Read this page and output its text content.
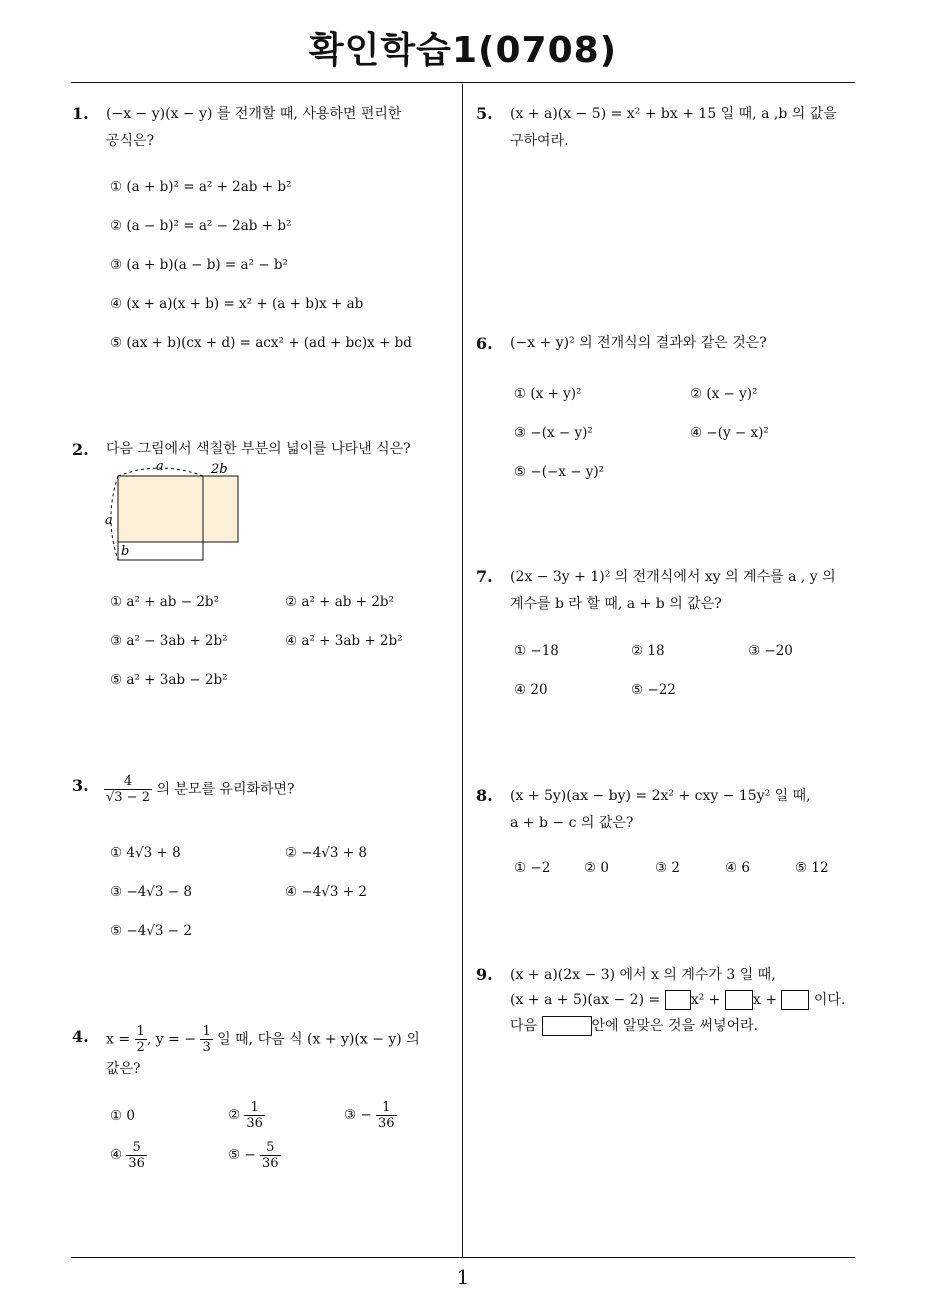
확인학습1(0708)
1
1. (−x − y)(x − y) 를 전개할 때, 사용하면 편리한
공식은?
① (a + b)² = a² + 2ab + b²
② (a − b)² = a² − 2ab + b²
③ (a + b)(a − b) = a² − b²
④ (x + a)(x + b) = x² + (a + b)x + ab
⑤ (ax + b)(cx + d) = acx² + (ad + bc)x + bd
2. 다음 그림에서 색칠한 부분의 넓이를 나타낸 식은?
a	2b
a
b
① a² + ab − 2b²	② a² + ab + 2b²
③ a² − 3ab + 2b²	④ a² + 3ab + 2b²
⑤ a² + 3ab − 2b²
3. $\frac{4}{√3 - 2}$ 의 분모를 유리화하면?
① 4√3 + 8	② −4√3 + 8
③ −4√3 − 8	④ −4√3 + 2
⑤ −4√3 − 2
4. $x = \frac{1}{2}$ , y = − $\frac{1}{3}$ 일 때, 다음 식 (x + y)(x − y) 의
값은?
① 0	② $\frac{1}{36}$	③ − $\frac{1}{36}$
④ $\frac{5}{36}$	⑤ − $\frac{5}{36}$
5. (x + a)(x − 5) = x² + bx + 15 일 때, a ,b 의 값을
구하여라.
6. (−x + y)² 의 전개식의 결과와 같은 것은?
① (x + y)²	② (x − y)²
③ −(x − y)²	④ −(y − x)²
⑤ −(−x − y)²
7. (2x − 3y + 1)² 의 전개식에서 xy 의 계수를 a , y 의
계수를 b 라 할 때, a + b 의 값은?
① −18	② 18	③ −20
④ 20	⑤ −22
8. (x + 5y)(ax − by) = 2x² + cxy − 15y² 일 때,
a + b − c 의 값은?
① −2 ② 0	③ 2	④ 6	⑤ 12
9. (x + a)(2x − 3) 에서 x 의 계수가 3 일 때,
(x + a + 5)(ax − 2) = x² + x +	이다.
다음	안에 알맞은 것을 써넣어라.
